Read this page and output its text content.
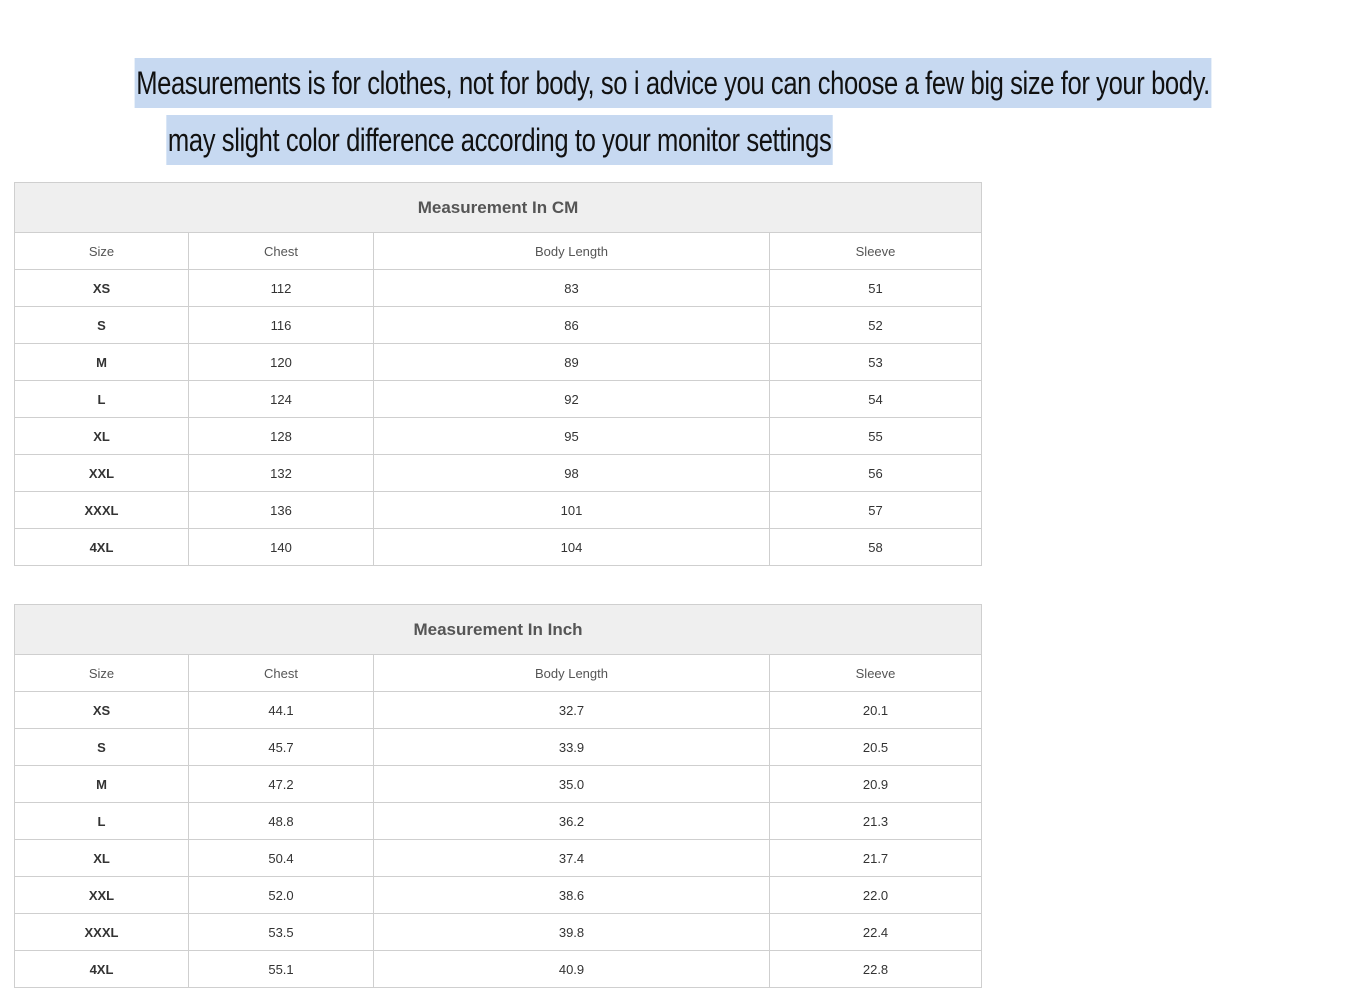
Measurements is for clothes, not for body, so i advice you can choose a few big size for your body.
may slight color difference according to your monitor settings
Measurement In CM			
Size	Chest	Body Length	Sleeve
XS	112	83	51
S	116	86	52
M	120	89	53
L	124	92	54
XL	128	95	55
XXL	132	98	56
XXXL	136	101	57
4XL	140	104	58
Measurement In Inch			
Size	Chest	Body Length	Sleeve
XS	44.1	32.7	20.1
S	45.7	33.9	20.5
M	47.2	35.0	20.9
L	48.8	36.2	21.3
XL	50.4	37.4	21.7
XXL	52.0	38.6	22.0
XXXL	53.5	39.8	22.4
4XL	55.1	40.9	22.8
